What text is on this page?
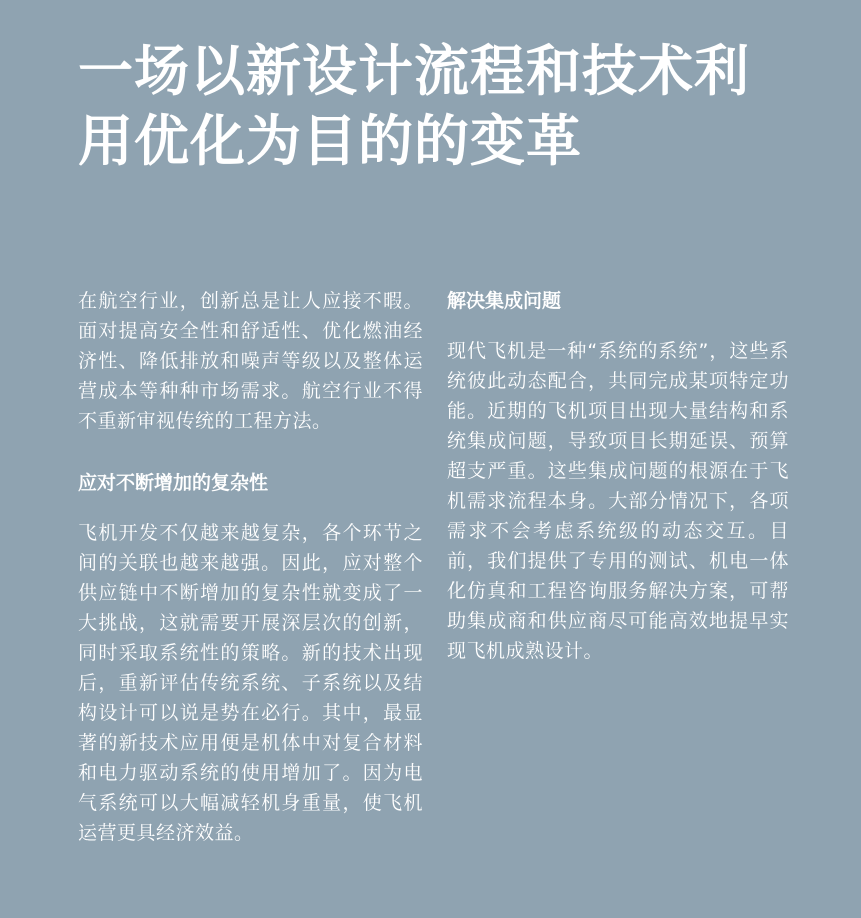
一场以新设计流程和技术利用优化为目的的变革

在航空行业，创新总是让人应接不暇。面对提高安全性和舒适性、优化燃油经济性、降低排放和噪声等级以及整体运营成本等种种市场需求。航空行业不得不重新审视传统的工程方法。

应对不断增加的复杂性

飞机开发不仅越来越复杂，各个环节之间的关联也越来越强。因此，应对整个供应链中不断增加的复杂性就变成了一大挑战，这就需要开展深层次的创新，同时采取系统性的策略。新的技术出现后，重新评估传统系统、子系统以及结构设计可以说是势在必行。其中，最显著的新技术应用便是机体中对复合材料和电力驱动系统的使用增加了。因为电气系统可以大幅减轻机身重量，使飞机运营更具经济效益。

解决集成问题

现代飞机是一种“系统的系统”，这些系统彼此动态配合，共同完成某项特定功能。近期的飞机项目出现大量结构和系统集成问题，导致项目长期延误、预算超支严重。这些集成问题的根源在于飞机需求流程本身。大部分情况下，各项需求不会考虑系统级的动态交互。目前，我们提供了专用的测试、机电一体化仿真和工程咨询服务解决方案，可帮助集成商和供应商尽可能高效地提早实现飞机成熟设计。
